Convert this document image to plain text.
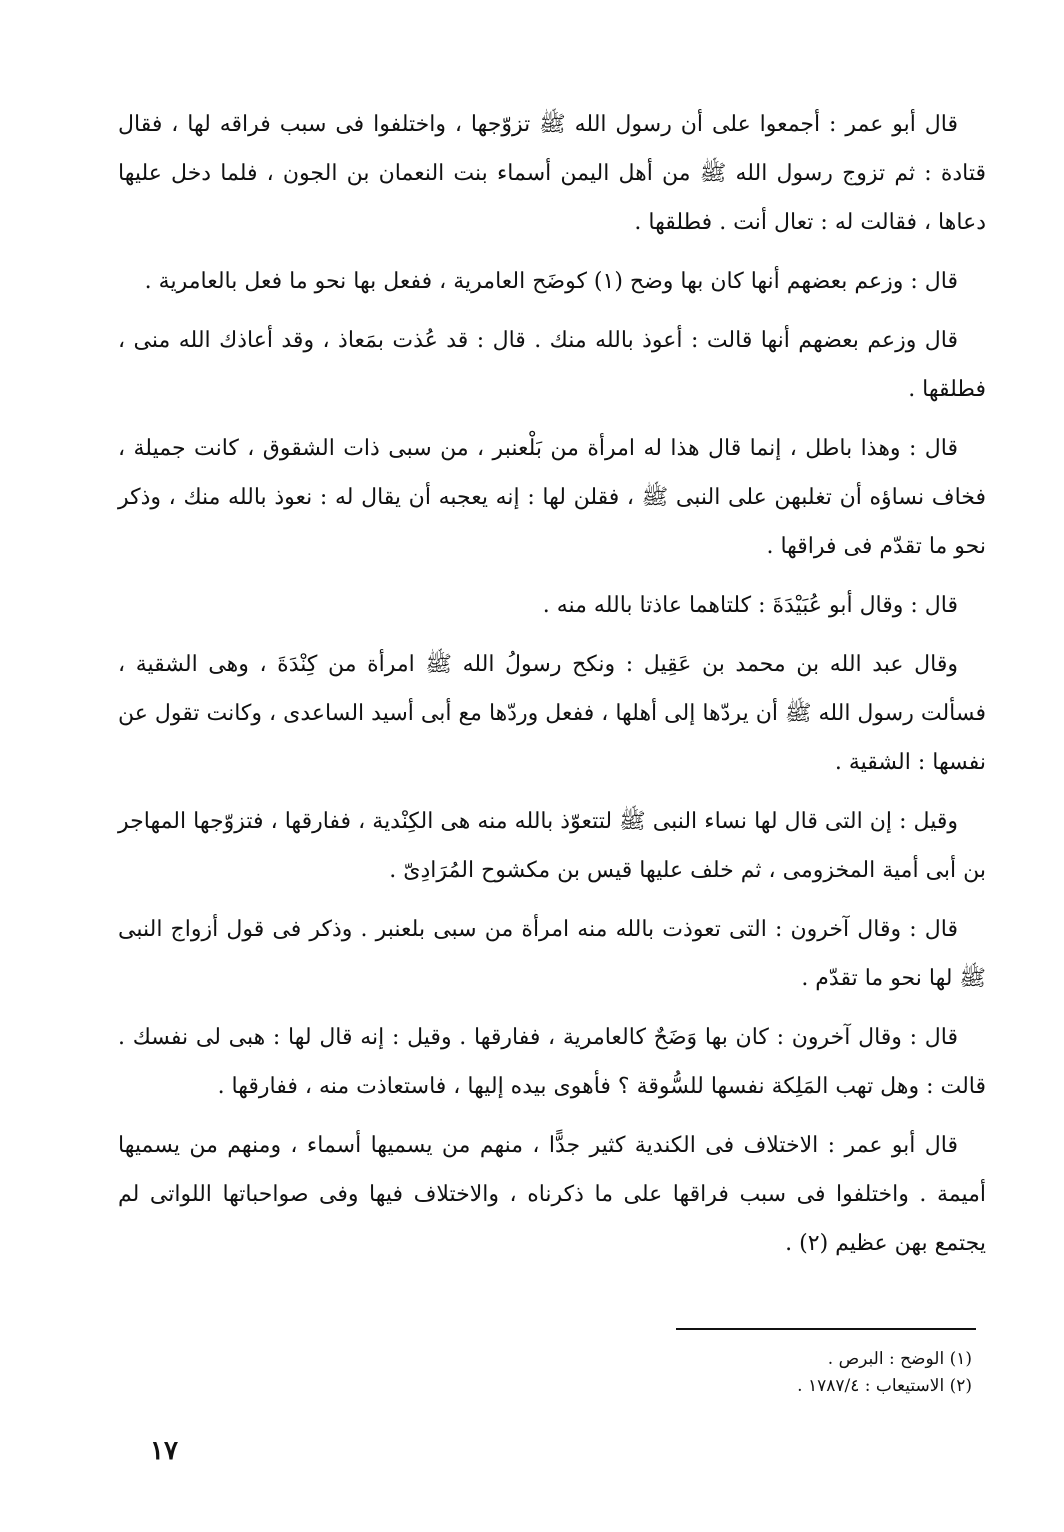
قال أبو عمر : أجمعوا على أن رسول الله ﷺ تزوّجها ، واختلفوا فى سبب فراقه لها ، فقال قتادة : ثم تزوج رسول الله ﷺ من أهل اليمن أسماء بنت النعمان بن الجون ، فلما دخل عليها دعاها ، فقالت له : تعال أنت . فطلقها .

قال : وزعم بعضهم أنها كان بها وضح (١) كوضَح العامرية ، ففعل بها نحو ما فعل بالعامرية .

قال وزعم بعضهم أنها قالت : أعوذ بالله منك . قال : قد عُذت بمَعاذ ، وقد أعاذك الله منى ، فطلقها .

قال : وهذا باطل ، إنما قال هذا له امرأة من بَلْعنبر ، من سبى ذات الشقوق ، كانت جميلة ، فخاف نساؤه أن تغلبهن على النبى ﷺ ، فقلن لها : إنه يعجبه أن يقال له : نعوذ بالله منك ، وذكر نحو ما تقدّم فى فراقها .

قال : وقال أبو عُبَيْدَةَ : كلتاهما عاذتا بالله منه .

وقال عبد الله بن محمد بن عَقِيل : ونكح رسولُ الله ﷺ امرأة من كِنْدَةَ ، وهى الشقية ، فسألت رسول الله ﷺ أن يردّها إلى أهلها ، ففعل وردّها مع أبى أسيد الساعدى ، وكانت تقول عن نفسها : الشقية .

وقيل : إن التى قال لها نساء النبى ﷺ لتتعوّذ بالله منه هى الكِنْدية ، ففارقها ، فتزوّجها المهاجر بن أبى أمية المخزومى ، ثم خلف عليها قيس بن مكشوح المُرَادِىّ .

قال : وقال آخرون : التى تعوذت بالله منه امرأة من سبى بلعنبر . وذكر فى قول أزواج النبى ﷺ لها نحو ما تقدّم .

قال : وقال آخرون : كان بها وَضَحٌ كالعامرية ، ففارقها . وقيل : إنه قال لها : هبى لى نفسك . قالت : وهل تهب المَلِكة نفسها للسُّوقة ؟ فأهوى بيده إليها ، فاستعاذت منه ، ففارقها .

قال أبو عمر : الاختلاف فى الكندية كثير جدًّا ، منهم من يسميها أسماء ، ومنهم من يسميها أميمة . واختلفوا فى سبب فراقها على ما ذكرناه ، والاختلاف فيها وفى صواحباتها اللواتى لم يجتمع بهن عظيم (٢) .

(١) الوضح : البرص .

(٢) الاستيعاب : ١٧٨٧/٤ .

١٧
